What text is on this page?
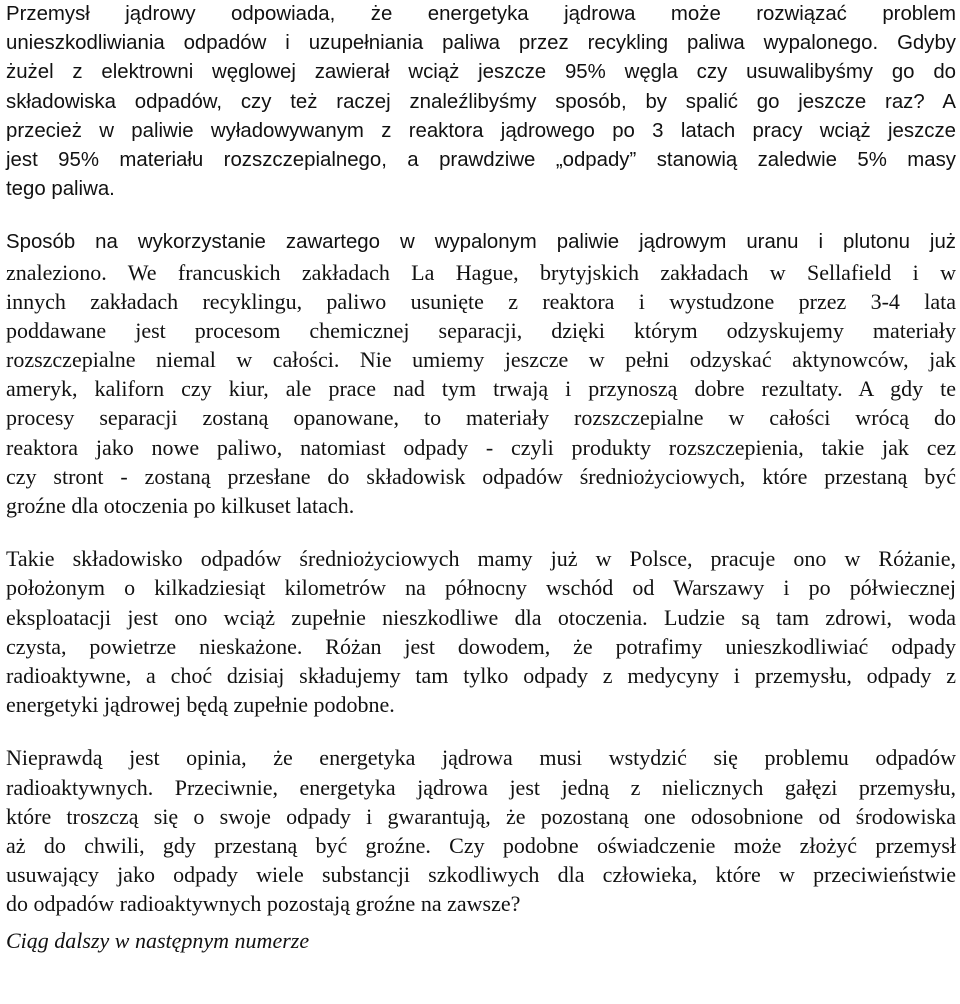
Przemysł jądrowy odpowiada, że energetyka jądrowa może rozwiązać problem
unieszkodliwiania odpadów i uzupełniania paliwa przez recykling paliwa wypalonego. Gdyby
żużel z elektrowni węglowej zawierał wciąż jeszcze 95% węgla czy usuwalibyśmy go do
składowiska odpadów, czy też raczej znaleźlibyśmy sposób, by spalić go jeszcze raz? A
przecież w paliwie wyładowywanym z reaktora jądrowego po 3 latach pracy wciąż jeszcze
jest 95% materiału rozszczepialnego, a prawdziwe „odpady” stanowią zaledwie 5% masy
tego paliwa.
Sposób na wykorzystanie zawartego w wypalonym paliwie jądrowym uranu i plutonu już
znaleziono. We francuskich zakładach La Hague, brytyjskich zakładach w Sellafield i w
innych zakładach recyklingu, paliwo usunięte z reaktora i wystudzone przez 3-4 lata
poddawane jest procesom chemicznej separacji, dzięki którym odzyskujemy materiały
rozszczepialne niemal w całości. Nie umiemy jeszcze w pełni odzyskać aktynowców, jak
ameryk, kaliforn czy kiur, ale prace nad tym trwają i przynoszą dobre rezultaty. A gdy te
procesy separacji zostaną opanowane, to materiały rozszczepialne w całości wrócą do
reaktora jako nowe paliwo, natomiast odpady - czyli produkty rozszczepienia, takie jak cez
czy stront - zostaną przesłane do składowisk odpadów średniożyciowych, które przestaną być
groźne dla otoczenia po kilkuset latach.
Takie składowisko odpadów średniożyciowych mamy już w Polsce, pracuje ono w Różanie,
położonym o kilkadziesiąt kilometrów na północny wschód od Warszawy i po półwiecznej
eksploatacji jest ono wciąż zupełnie nieszkodliwe dla otoczenia. Ludzie są tam zdrowi, woda
czysta, powietrze nieskażone. Różan jest dowodem, że potrafimy unieszkodliwiać odpady
radioaktywne, a choć dzisiaj składujemy tam tylko odpady z medycyny i przemysłu, odpady z
energetyki jądrowej będą zupełnie podobne.
Nieprawdą jest opinia, że energetyka jądrowa musi wstydzić się problemu odpadów
radioaktywnych. Przeciwnie, energetyka jądrowa jest jedną z nielicznych gałęzi przemysłu,
które troszczą się o swoje odpady i gwarantują, że pozostaną one odosobnione od środowiska
aż do chwili, gdy przestaną być groźne. Czy podobne oświadczenie może złożyć przemysł
usuwający jako odpady wiele substancji szkodliwych dla człowieka, które w przeciwieństwie
do odpadów radioaktywnych pozostają groźne na zawsze?
Ciąg dalszy w następnym numerze
